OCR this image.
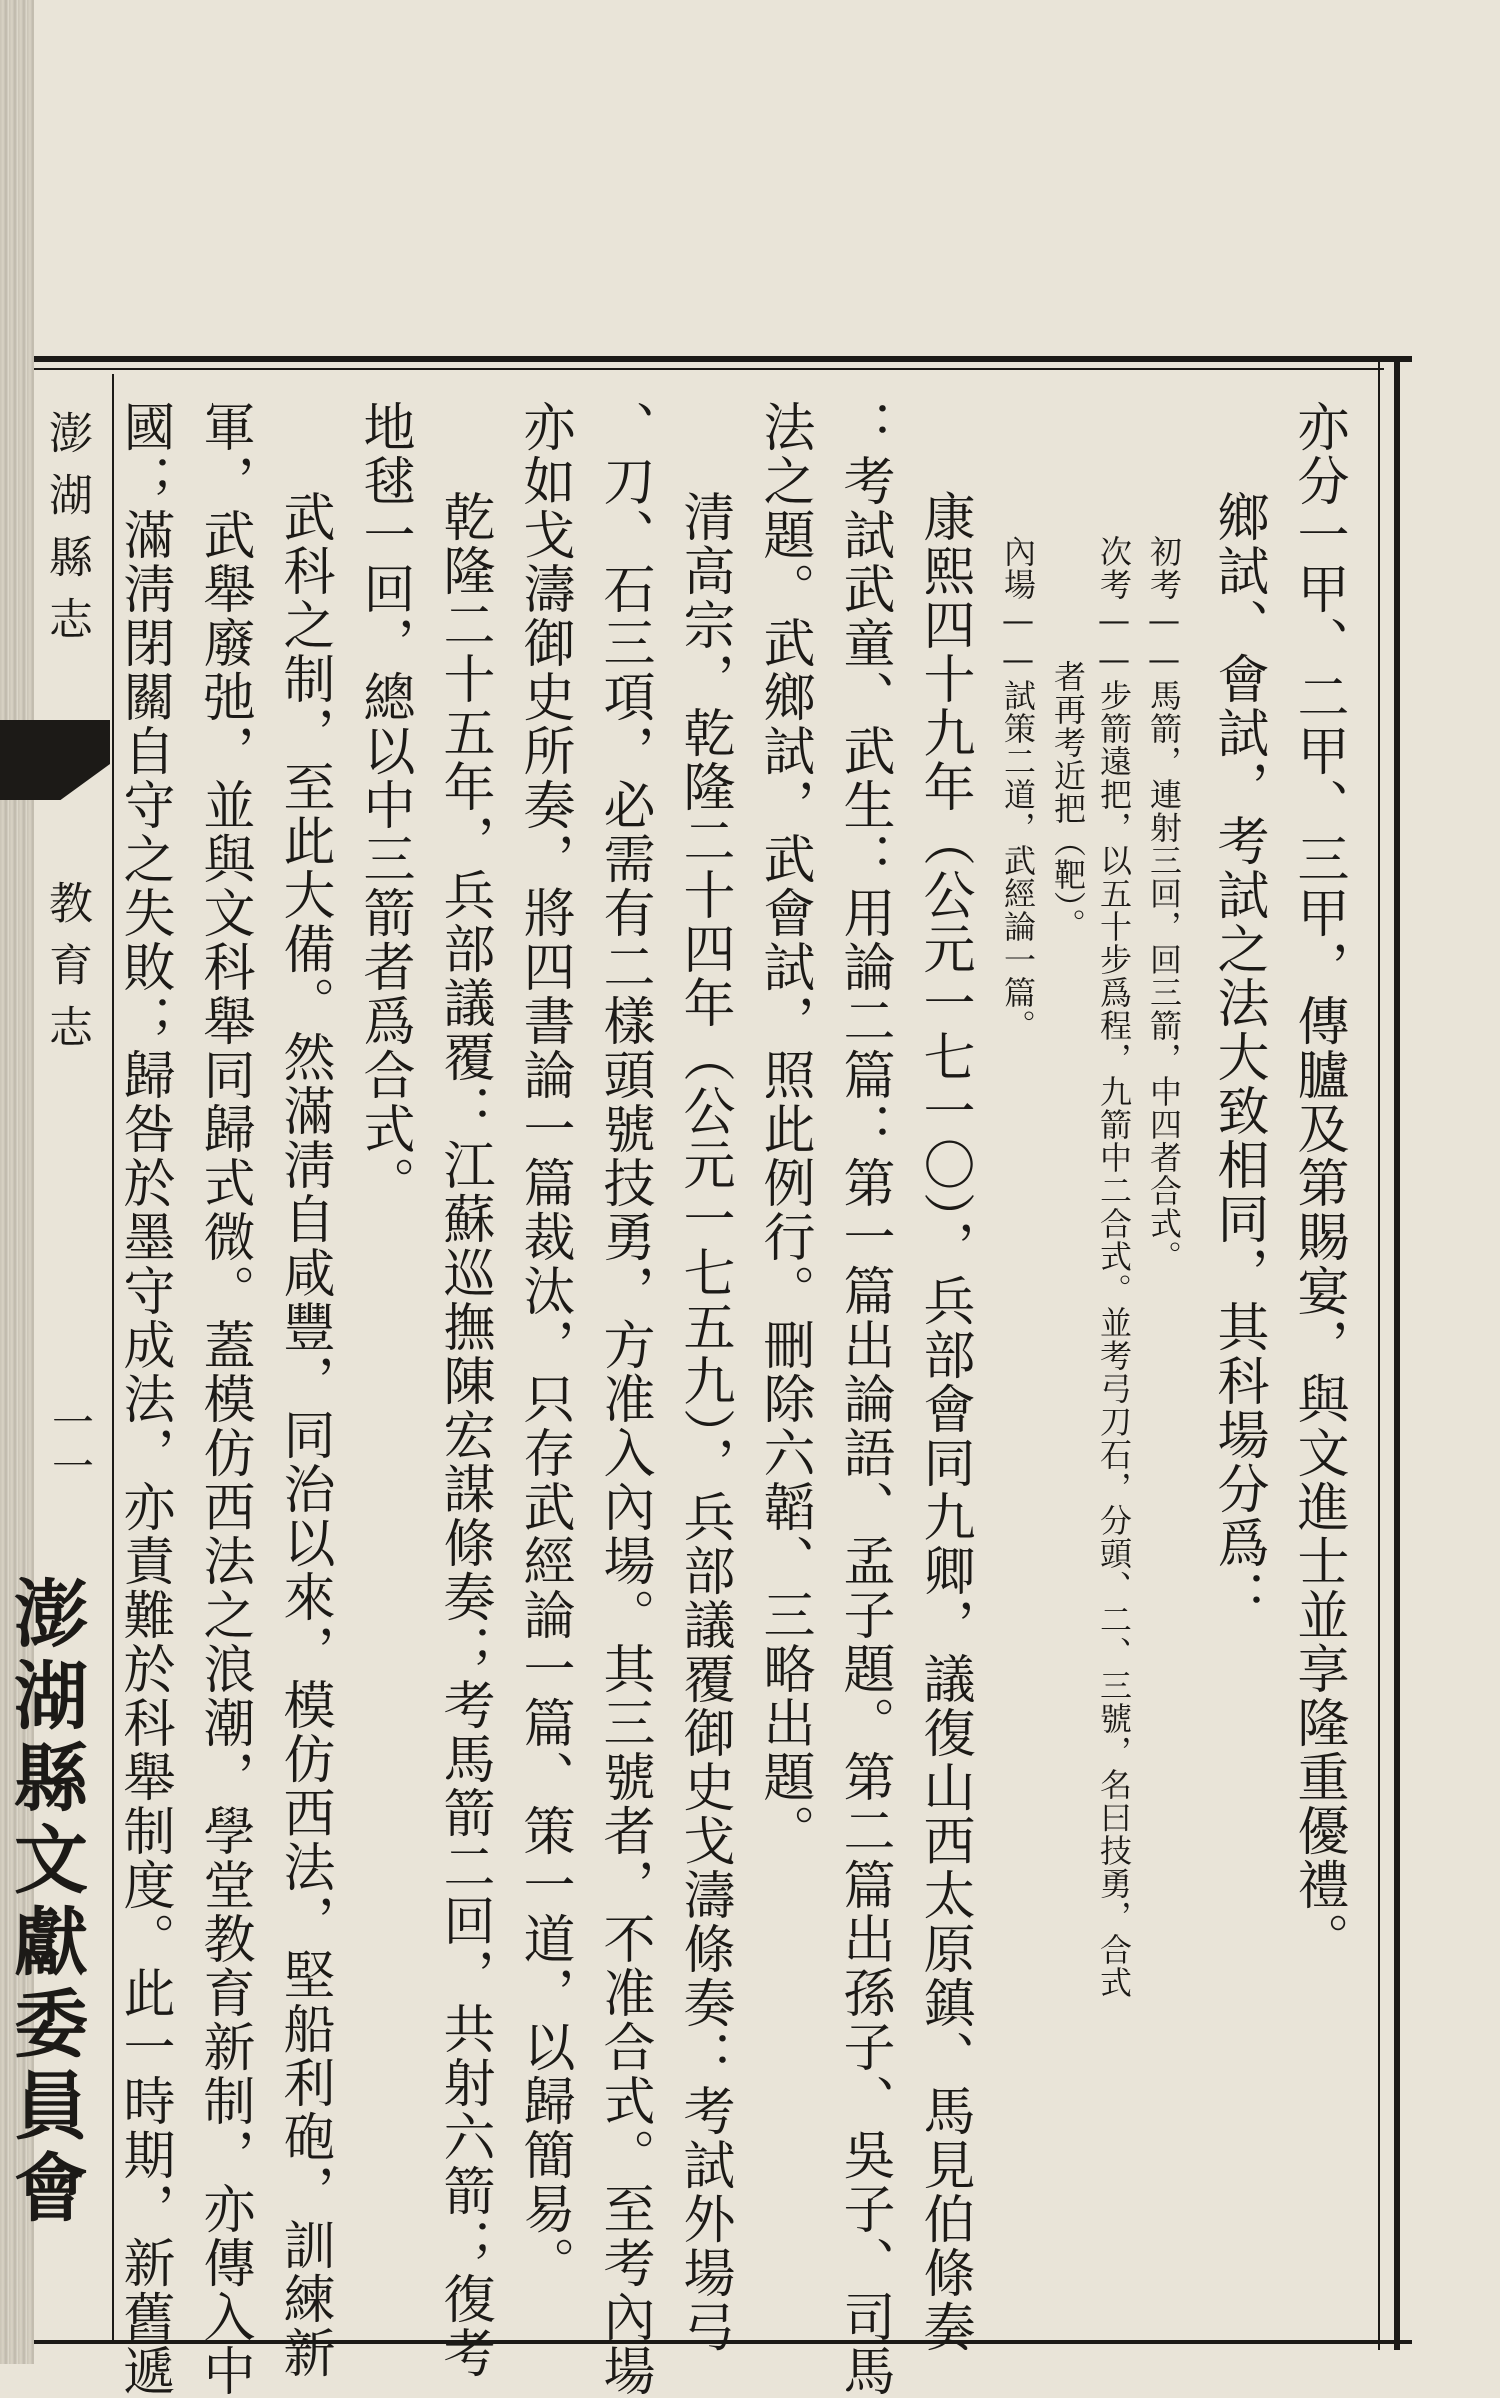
亦分一甲、二甲、三甲，傳臚及第賜宴，與文進士並享隆重優禮。
鄉試、會試，考試之法大致相同，其科場分爲：
初考——馬箭，連射三回，回三箭，中四者合式。
次考——步箭遠把，以五十步爲程，九箭中二合式。並考弓刀石，分頭、二、三號，名曰技勇，合式
者再考近把（靶）。
內場——試策二道，武經論一篇。
康熙四十九年（公元一七一〇），兵部會同九卿，議復山西太原鎮、馬見伯條奏
：考試武童、武生：用論二篇：第一篇出論語、孟子題。第二篇出孫子、吳子、司馬
法之題。武鄉試，武會試，照此例行。刪除六韜、三略出題。
清高宗，乾隆二十四年（公元一七五九），兵部議覆御史戈濤條奏：考試外場弓
、刀、石三項，必需有二樣頭號技勇，方准入內場。其三號者，不准合式。至考內場
亦如戈濤御史所奏，將四書論一篇裁汰，只存武經論一篇、策一道，以歸簡易。
乾隆二十五年，兵部議覆：江蘇巡撫陳宏謀條奏；考馬箭二回，共射六箭；復考
地毬一回，總以中三箭者爲合式。
武科之制，至此大備。然滿淸自咸豐，同治以來，模仿西法，堅船利砲，訓練新
軍，武舉廢弛，並與文科舉同歸式微。蓋模仿西法之浪潮，學堂教育新制，亦傳入中
國；滿淸閉關自守之失敗；歸咎於墨守成法，亦責難於科舉制度。此一時期，新舊遞
澎湖縣志
教育志
一一
澎湖縣文獻委員會
